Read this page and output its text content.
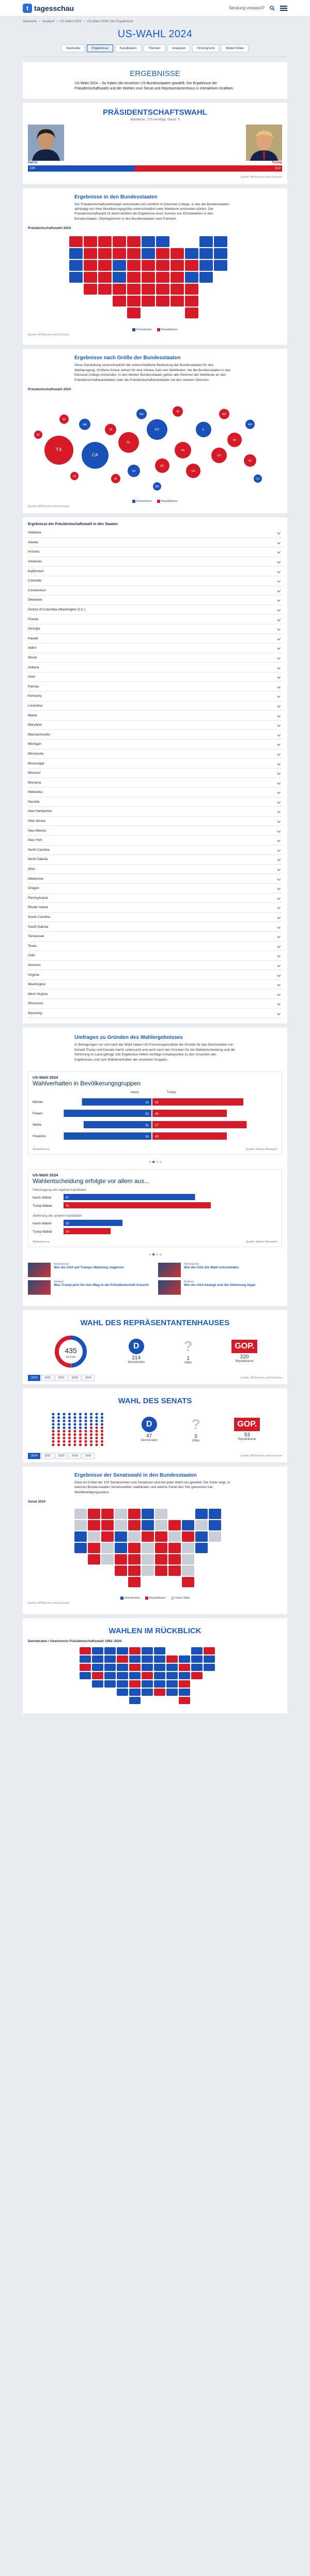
t tagesschau	Sendung verpasst?
Startseite › Ausland › US-Wahl 2024 › US-Wahl 2024: Die Ergebnisse
US-WAHL 2024
Startseite	Ergebnisse	Kandidaten	Themen	Analysen	Hintergrund	Bilder/Video
ERGEBNISSE

US-Wahl 2024 – So haben die einzelnen US-Bundesstaaten gewählt. Die Ergebnisse der Präsidentschaftswahl und der Wahlen zum Senat und Repräsentantenhaus in interaktiven Grafiken.

PRÄSIDENTSCHAFTSWAHL
Wahlleute, 270 benötigt, Stand: 6
Harris	Trump
226	312
Quelle: AP/Election and Decision
Ergebnisse in den Bundesstaaten

Der Präsidentschaftswahlsieger entscheidet sich letztlich im Electoral College, in das die Bundesstaaten abhängig von ihrer Bevölkerungsgröße unterschiedlich viele Wahlleute entsenden dürfen. Die Präsidentschaftswahl ist damit letztlich die Ergebnisse einer Summe von Einzelwahlen in den Bundesstaaten. Überlegtimmer in den Bundesstaaten nach Parteien.

Präsidentschaftswahl 2024
Demokraten	Republikaner
Quelle: AP/Election and Decision
Ergebnisse nach Größe der Bundesstaaten

Diese Darstellung veranschaulicht die unterschiedliche Bedeutung der Bundesstaaten für den Wahlausgang. Größere Kreise stehen für eine höhere Zahl von Wahlleuten, die die Bundesstaaten in das Electoral College entsenden. In den kleinen Bundesstaaten gehen alle Stimmen der Wahlleute an den Präsidentschaftskandidaten oder die Präsidentschaftskandidatin mit den meisten Stimmen.

Präsidentschaftswahl 2024
TX
CA
FL
NY
PA
IL
OH
GA
NC
MI
NJ
AZ
TN
WA
MA
IN
MO
MN
WI
AL	CO
SC
LA
MD
Demokraten	Republikaner
Quelle: AP/Election and Decision
Ergebnisse der Präsidentschaftswahl in den Staaten
Alabama
Alaska
Arizona
Arkansas
Kalifornien
Colorado
Connecticut
Delaware
District of Columbia (Washington D.C.)
Florida
Georgia
Hawaii
Idaho
Illinois
Indiana
Iowa
Kansas
Kentucky
Louisiana
Maine
Maryland
Massachusetts
Michigan
Minnesota
Mississippi
Missouri
Montana
Nebraska
Nevada
New Hampshire
New Jersey
New Mexico
New York
North Carolina
North Dakota
Ohio
Oklahoma
Oregon
Pennsylvania
Rhode Island
South Carolina
South Dakota
Tennessee
Texas
Utah
Vermont
Virginia
Washington
West Virginia
Wisconsin
Wyoming
Umfragen zu Gründen des Wahlergebnisses

In Befragungen vor und nach der Wahl haben US-Forschungsinstitute die Gründe für das Abschneiden von Donald Trump und Kamala Harris untersucht und auch nach den Gründen für die Wahlentscheidung und die Stimmung im Land gefragt. Die Ergebnisse liefern wichtige Anhaltspunkte zu den Ursachen des Ergebnisses und zum Wählerverhalten der einzelnen Gruppen.

US-Wahl 2024
Wahlverhalten in Bevölkerungsgruppen
Harris	Trump
Männer	42 55
Frauen	53 45
Weiße	41 57
Hispanics	53 45
Weiterlesen ▸	Quelle: Edison Research
US-Wahl 2024
Wahlentscheidung erfolgte vor allem aus...
Überzeugung vom eigenen Kandidaten
Harris-Wähler	67
Trump-Wähler	75
Ablehnung des anderen Kandidaten
Harris-Wähler	30
Trump-Wähler	24
Weiterlesen ▸	Quelle: Edison Research
Hintergrund
Wie die USA auf Trumps Wahlsieg reagieren
Analyse
Was Trump jetzt für den Weg in die Präsidentschaft braucht
Hintergrund
Wie die USA die Wahl entschieden
Analyse
Wie die USA bewegt und die Stimmung kippt
WAHL DES REPRÄSENTANTENHAUSES
435
Mandate
D
214
Demokraten
?
1
Offen
GOP.
220
Republikaner
2024	2022	2020	2018	2016	Quelle: AP/Election and Decision
WAHL DES SENATS
D
47
Demokraten
?
0
Offen
GOP.
53
Republikaner
2024	2022	2020	2018	2016	Quelle: AP/Election and Decision
Ergebnisse der Senatswahl in den Bundesstaaten

Etwa ein Drittel der 100 Senatorinnen und Senatoren wird bei jeder Wahl neu gewählt. Die Karte zeigt, in welchen Bundesstaaten Senatswahlen stattfanden und welche Partei den Sitz gewonnen hat. Wahlbeteiligungsstatus.

Senat 2024
Demokraten	Republikaner	Keine Wahl
Quelle: AP/Election and Decision
WAHLEN IM RÜCKBLICK
Demokraten / Gewinnerin Präsidentschaftswahl 1992–2020
